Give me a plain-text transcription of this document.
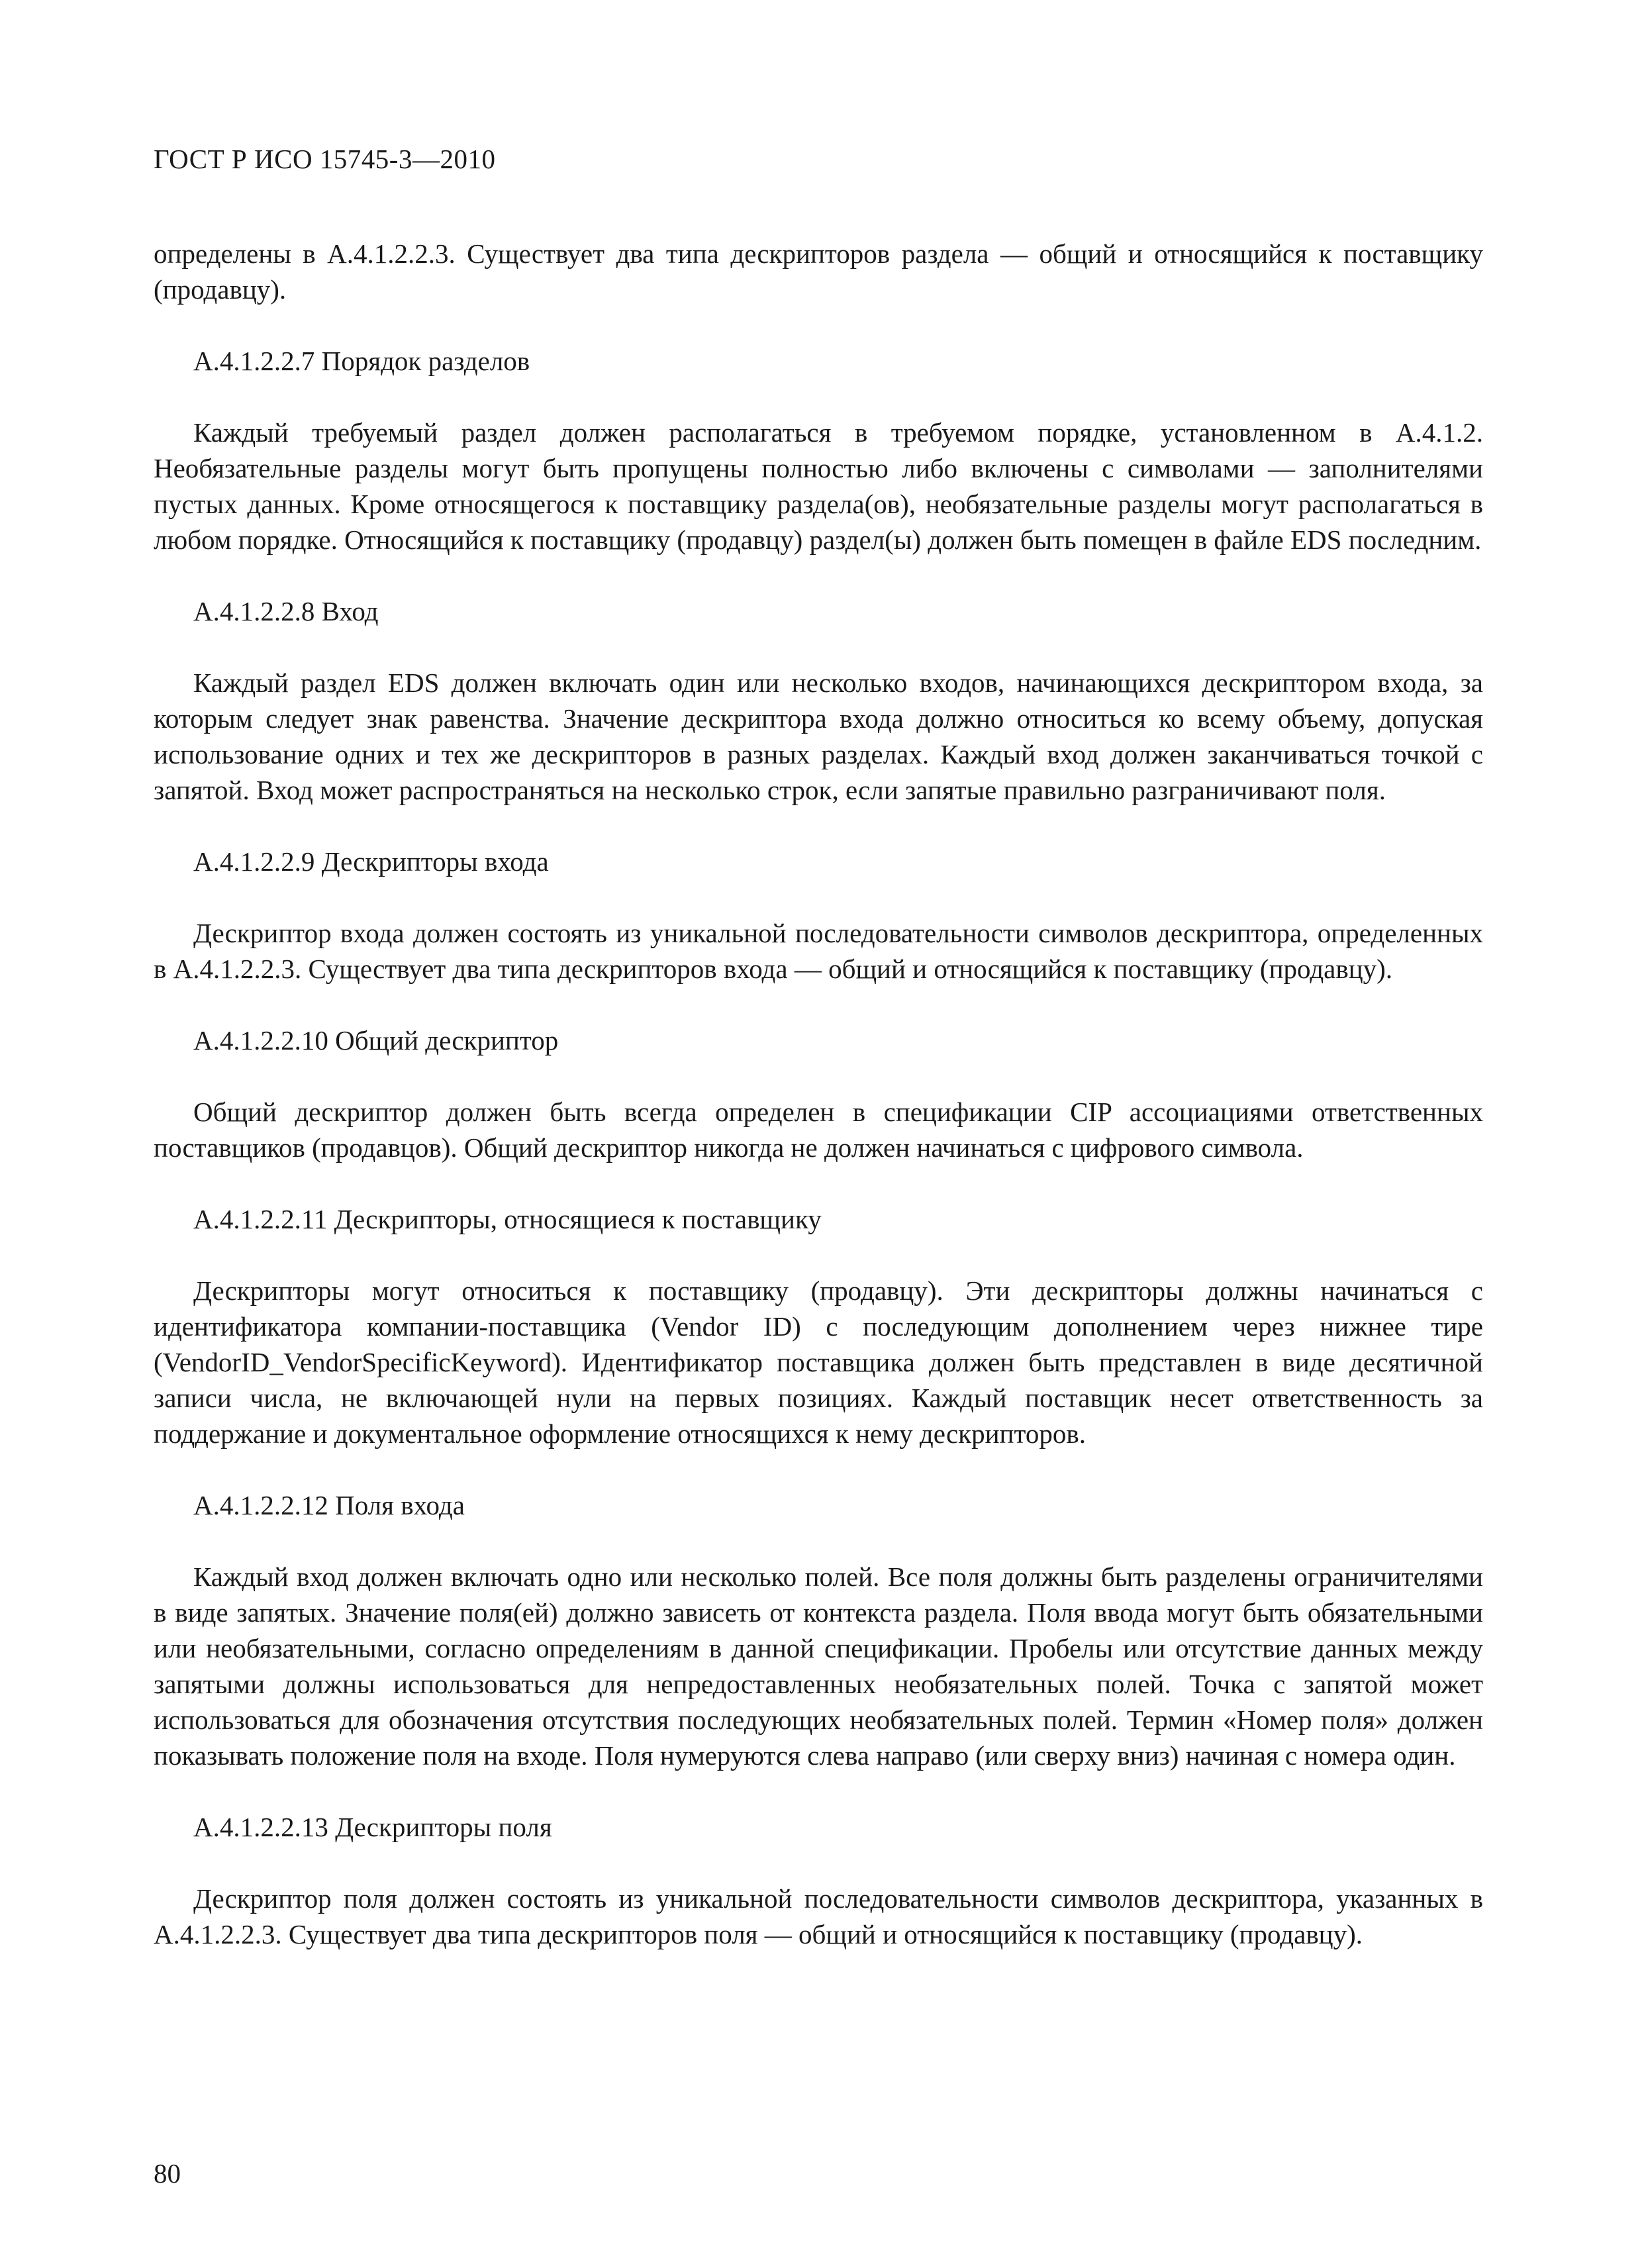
ГОСТ Р ИСО 15745-3—2010

определены в А.4.1.2.2.3. Существует два типа дескрипторов раздела — общий и относящийся к поставщику (продавцу).

А.4.1.2.2.7 Порядок разделов

Каждый требуемый раздел должен располагаться в требуемом порядке, установленном в А.4.1.2. Необязательные разделы могут быть пропущены полностью либо включены с символами — заполнителями пустых данных. Кроме относящегося к поставщику раздела(ов), необязательные разделы могут располагаться в любом порядке. Относящийся к поставщику (продавцу) раздел(ы) должен быть помещен в файле EDS последним.

А.4.1.2.2.8 Вход

Каждый раздел EDS должен включать один или несколько входов, начинающихся дескриптором входа, за которым следует знак равенства. Значение дескриптора входа должно относиться ко всему объему, допуская использование одних и тех же дескрипторов в разных разделах. Каждый вход должен заканчиваться точкой с запятой. Вход может распространяться на несколько строк, если запятые правильно разграничивают поля.

А.4.1.2.2.9 Дескрипторы входа

Дескриптор входа должен состоять из уникальной последовательности символов дескриптора, определенных в А.4.1.2.2.3. Существует два типа дескрипторов входа — общий и относящийся к поставщику (продавцу).

А.4.1.2.2.10 Общий дескриптор

Общий дескриптор должен быть всегда определен в спецификации CIP ассоциациями ответственных поставщиков (продавцов). Общий дескриптор никогда не должен начинаться с цифрового символа.

А.4.1.2.2.11 Дескрипторы, относящиеся к поставщику

Дескрипторы могут относиться к поставщику (продавцу). Эти дескрипторы должны начинаться с идентификатора компании-поставщика (Vendor ID) с последующим дополнением через нижнее тире (VendorID_VendorSpecificKeyword). Идентификатор поставщика должен быть представлен в виде десятичной записи числа, не включающей нули на первых позициях. Каждый поставщик несет ответственность за поддержание и документальное оформление относящихся к нему дескрипторов.

А.4.1.2.2.12 Поля входа

Каждый вход должен включать одно или несколько полей. Все поля должны быть разделены ограничителями в виде запятых. Значение поля(ей) должно зависеть от контекста раздела. Поля ввода могут быть обязательными или необязательными, согласно определениям в данной спецификации. Пробелы или отсутствие данных между запятыми должны использоваться для непредоставленных необязательных полей. Точка с запятой может использоваться для обозначения отсутствия последующих необязательных полей. Термин «Номер поля» должен показывать положение поля на входе. Поля нумеруются слева направо (или сверху вниз) начиная с номера один.

А.4.1.2.2.13 Дескрипторы поля

Дескриптор поля должен состоять из уникальной последовательности символов дескриптора, указанных в А.4.1.2.2.3. Существует два типа дескрипторов поля — общий и относящийся к поставщику (продавцу).

80
